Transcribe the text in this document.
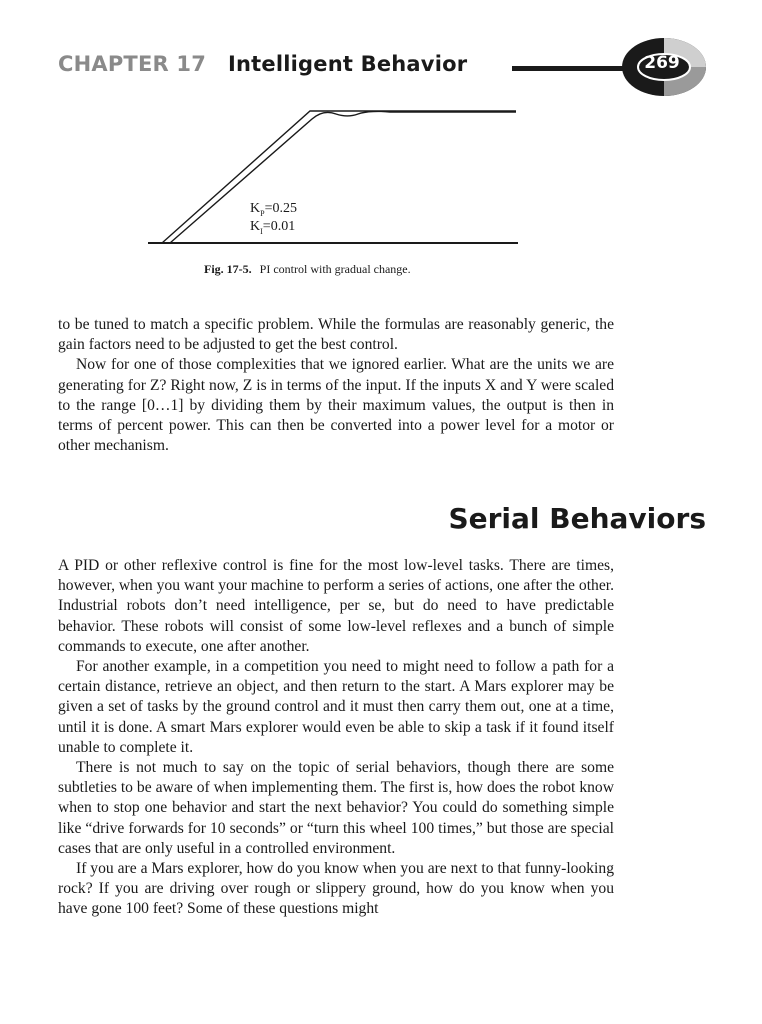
CHAPTER 17 Intelligent Behavior	269
$K_P=0.25$
$K_I=0.01$
Fig. 17-5. PI control with gradual change.

to be tuned to match a specific problem. While the formulas are reasonably generic, the gain factors need to be adjusted to get the best control.

Now for one of those complexities that we ignored earlier. What are the units we are generating for Z? Right now, Z is in terms of the input. If the inputs X and Y were scaled to the range [0…1] by dividing them by their maximum values, the output is then in terms of percent power. This can then be converted into a power level for a motor or other mechanism.

Serial Behaviors

A PID or other reflexive control is fine for the most low-level tasks. There are times, however, when you want your machine to perform a series of actions, one after the other. Industrial robots don’t need intelligence, per se, but do need to have predictable behavior. These robots will consist of some low-level reflexes and a bunch of simple commands to execute, one after another.

For another example, in a competition you need to might need to follow a path for a certain distance, retrieve an object, and then return to the start. A Mars explorer may be given a set of tasks by the ground control and it must then carry them out, one at a time, until it is done. A smart Mars explorer would even be able to skip a task if it found itself unable to complete it.

There is not much to say on the topic of serial behaviors, though there are some subtleties to be aware of when implementing them. The first is, how does the robot know when to stop one behavior and start the next behavior? You could do something simple like “drive forwards for 10 seconds” or “turn this wheel 100 times,” but those are special cases that are only useful in a controlled environment.

If you are a Mars explorer, how do you know when you are next to that funny-looking rock? If you are driving over rough or slippery ground, how do you know when you have gone 100 feet? Some of these questions might
